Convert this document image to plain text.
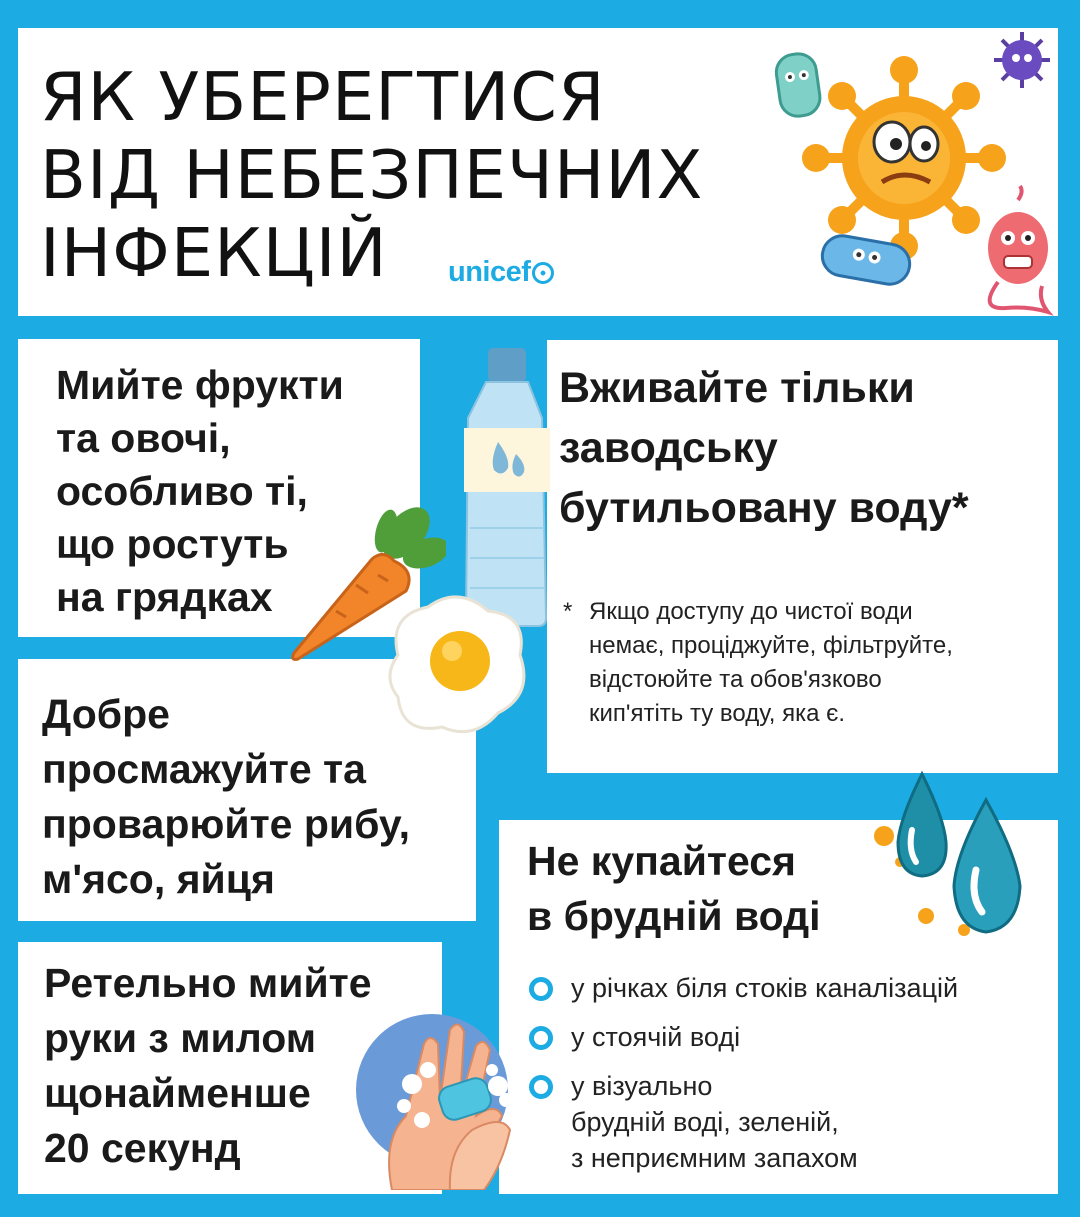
ЯК УБЕРЕГТИСЯ
ВІД НЕБЕЗПЕЧНИХ
ІНФЕКЦІЙ	unicef
Мийте фрукти
та овочі,
особливо ті,
що ростуть
на грядках
Вживайте тільки
заводську
бутильовану воду*
* Якщо доступу до чистої води
немає, проціджуйте, фільтруйте,
відстоюйте та обов'язково
кип'ятіть ту воду, яка є.
Добре
просмажуйте та
проварюйте рибу,
м'ясо, яйця
Ретельно мийте
руки з милом
щонайменше
20 секунд
Не купайтеся
в брудній воді
у річках біля стоків каналізацій
у стоячій воді
у візуально
брудній воді, зеленій,
з неприємним запахом
